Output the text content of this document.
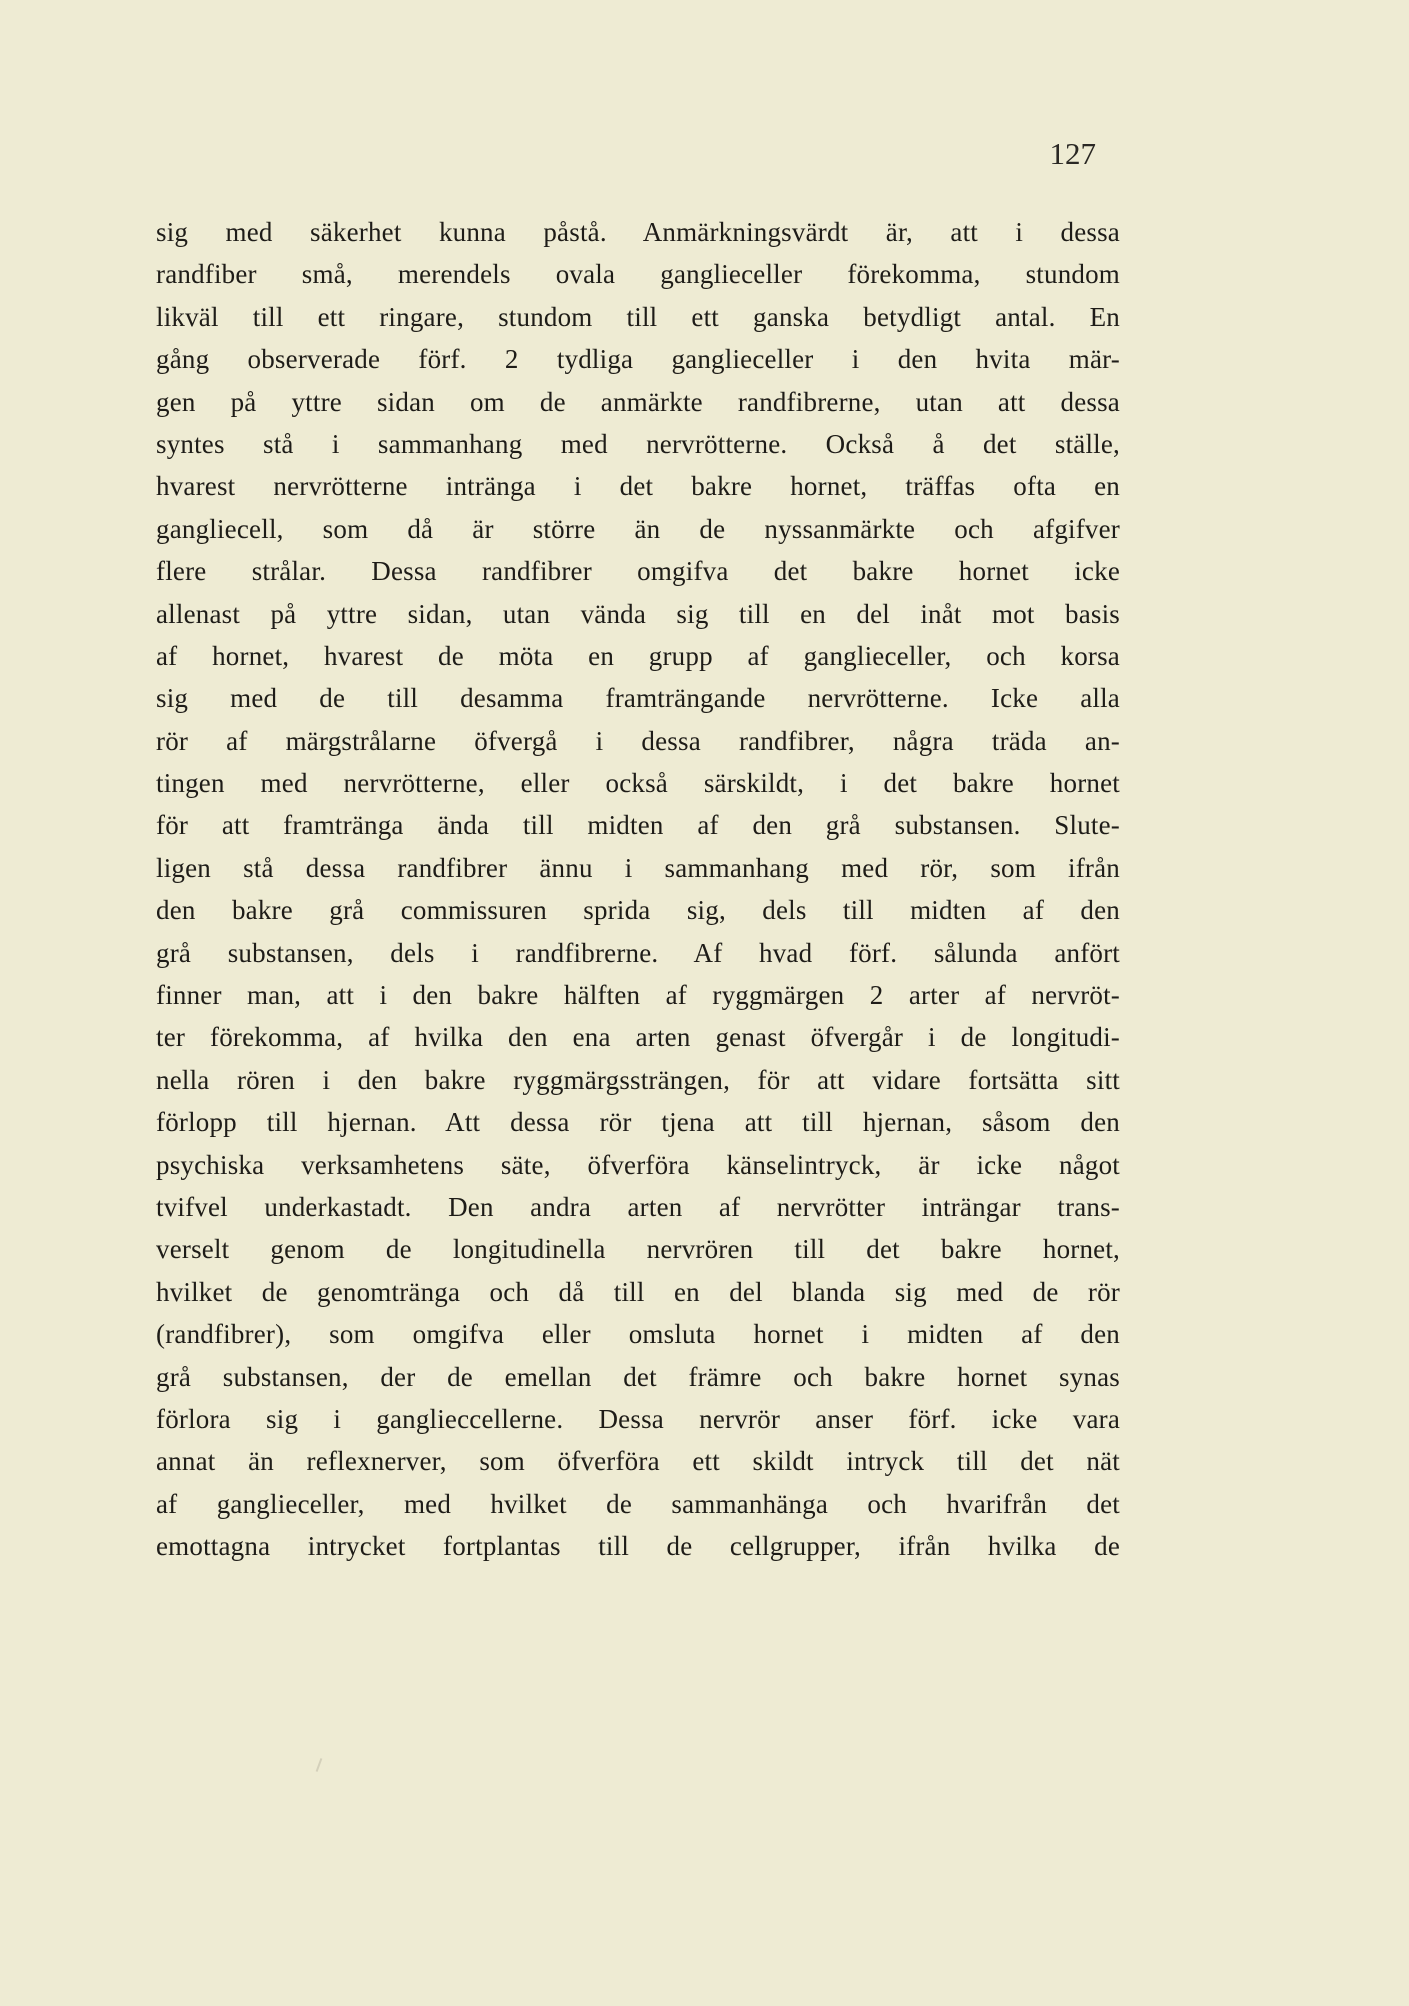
127
sig med säkerhet kunna påstå. Anmärkningsvärdt är, att i dessa
randfiber små, merendels ovala ganglieceller förekomma, stundom
likväl till ett ringare, stundom till ett ganska betydligt antal. En
gång observerade förf. 2 tydliga ganglieceller i den hvita mär-
gen på yttre sidan om de anmärkte randfibrerne, utan att dessa
syntes stå i sammanhang med nervrötterne. Också å det ställe,
hvarest nervrötterne intränga i det bakre hornet, träffas ofta en
gangliecell, som då är större än de nyssanmärkte och afgifver
flere strålar. Dessa randfibrer omgifva det bakre hornet icke
allenast på yttre sidan, utan vända sig till en del inåt mot basis
af hornet, hvarest de möta en grupp af ganglieceller, och korsa
sig med de till desamma framträngande nervrötterne. Icke alla
rör af märgstrålarne öfvergå i dessa randfibrer, några träda an-
tingen med nervrötterne, eller också särskildt, i det bakre hornet
för att framtränga ända till midten af den grå substansen. Slute-
ligen stå dessa randfibrer ännu i sammanhang med rör, som ifrån
den bakre grå commissuren sprida sig, dels till midten af den
grå substansen, dels i randfibrerne. Af hvad förf. sålunda anfört
finner man, att i den bakre hälften af ryggmärgen 2 arter af nervröt-
ter förekomma, af hvilka den ena arten genast öfvergår i de longitudi-
nella rören i den bakre ryggmärgssträngen, för att vidare fortsätta sitt
förlopp till hjernan. Att dessa rör tjena att till hjernan, såsom den
psychiska verksamhetens säte, öfverföra känselintryck, är icke något
tvifvel underkastadt. Den andra arten af nervrötter inträngar trans-
verselt genom de longitudinella nervrören till det bakre hornet,
hvilket de genomtränga och då till en del blanda sig med de rör
(randfibrer), som omgifva eller omsluta hornet i midten af den
grå substansen, der de emellan det främre och bakre hornet synas
förlora sig i ganglieccellerne. Dessa nervrör anser förf. icke vara
annat än reflexnerver, som öfverföra ett skildt intryck till det nät
af ganglieceller, med hvilket de sammanhänga och hvarifrån det
emottagna intrycket fortplantas till de cellgrupper, ifrån hvilka de
